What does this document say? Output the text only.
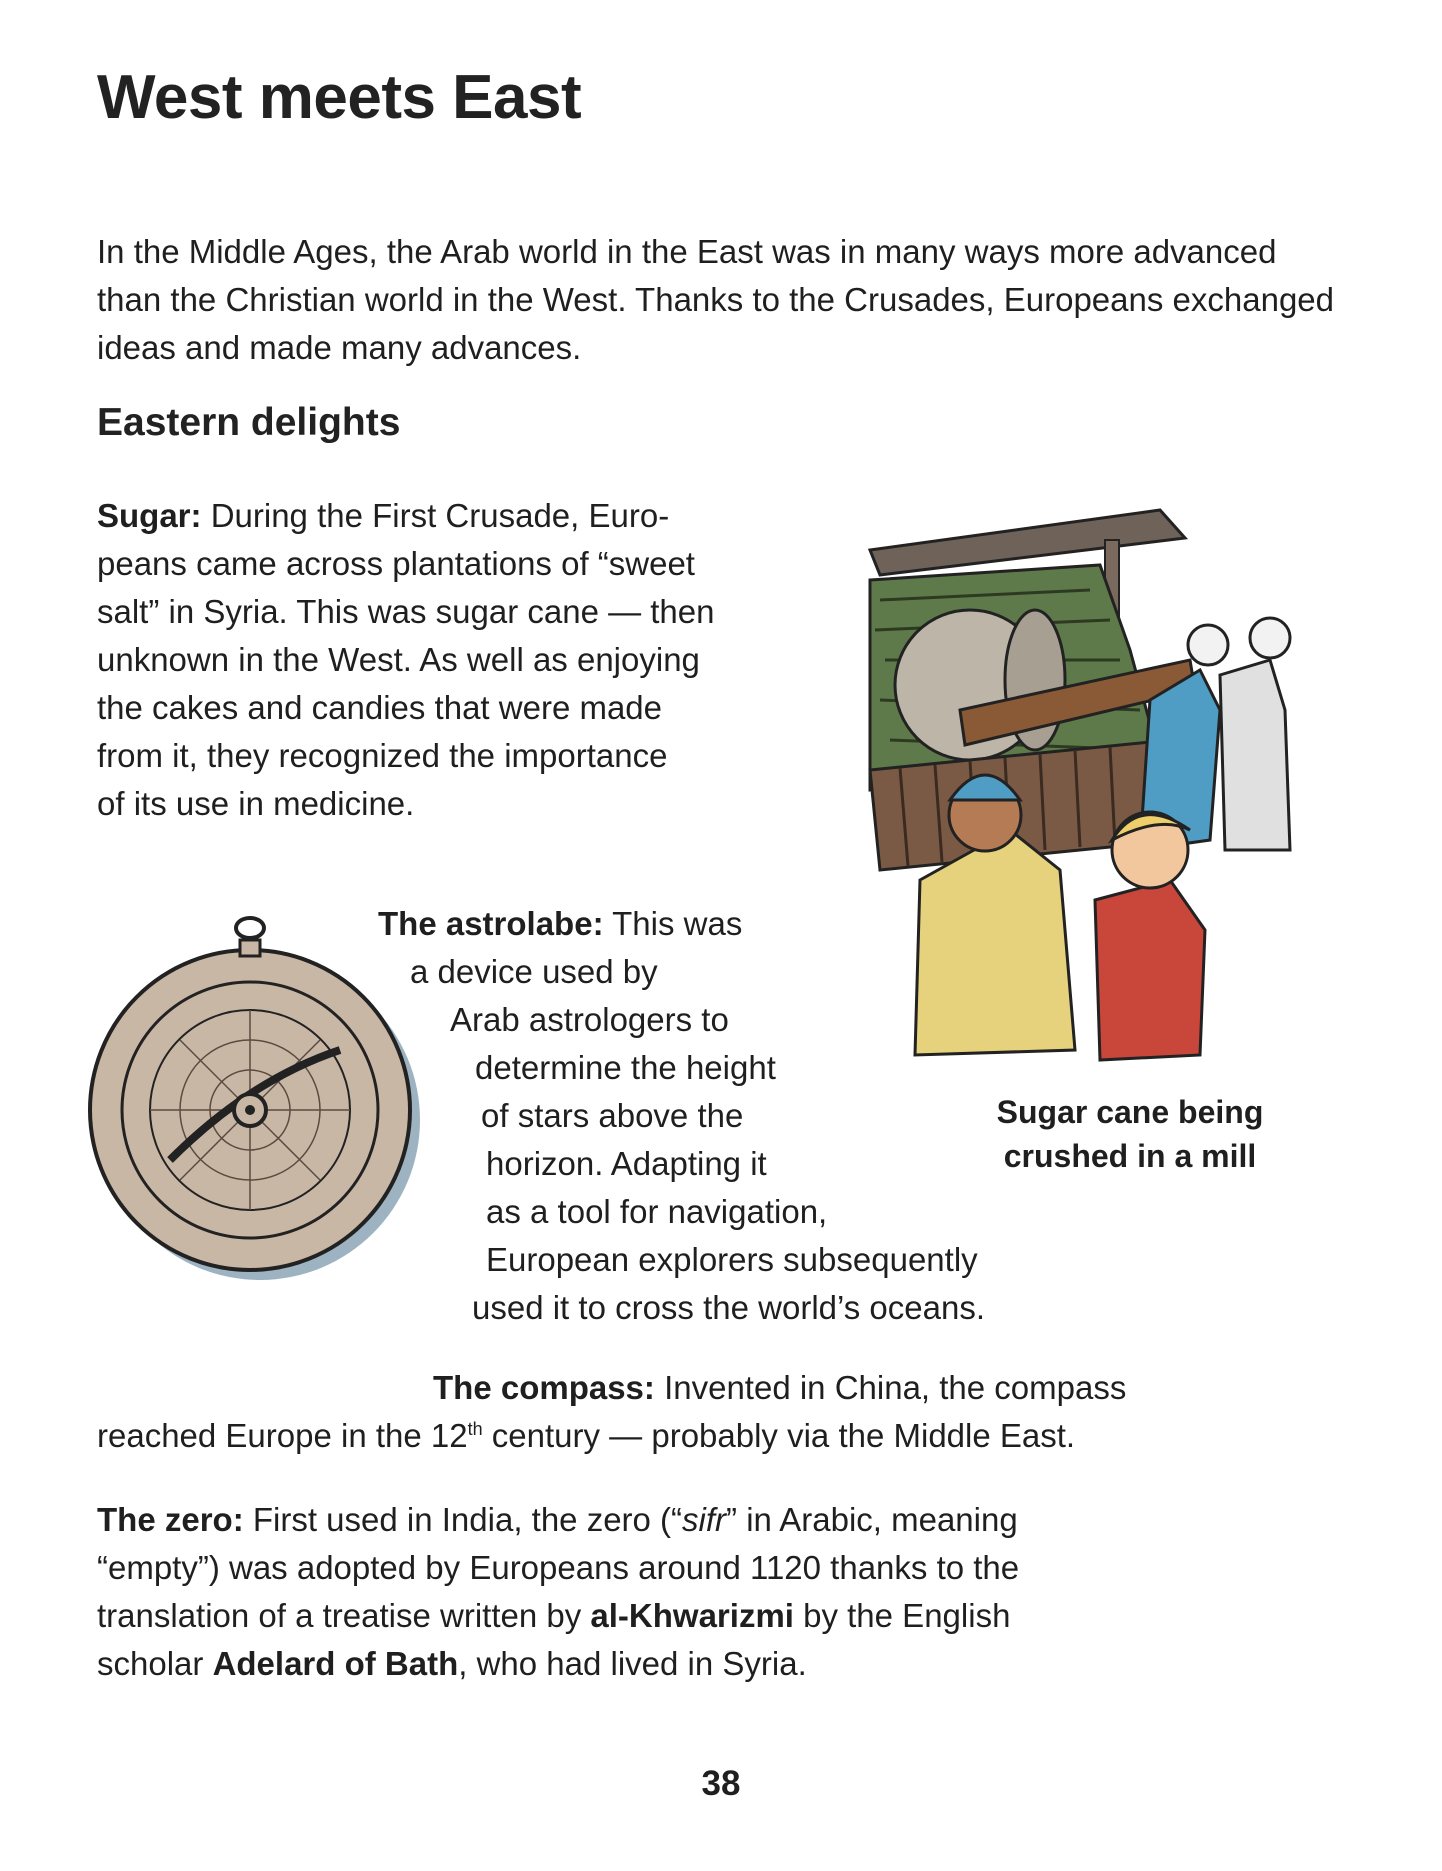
West meets East

In the Middle Ages, the Arab world in the East was in many ways more advanced than the Christian world in the West. Thanks to the Crusades, Europeans exchanged ideas and made many advances.

Eastern delights
Sugar: During the First Crusade, Euro-
peans came across plantations of “sweet
salt” in Syria. This was sugar cane — then
unknown in the West. As well as enjoying
the cakes and candies that were made
from it, they recognized the importance
of its use in medicine.
The astrolabe: This was
a device used by
Arab astrologers to
determine the height
of stars above the
horizon. Adapting it
as a tool for navigation,
European explorers subsequently
used it to cross the world’s oceans.
Sugar cane being
crushed in a mill
The compass: Invented in China, the compass
reached Europe in the 12th century — probably via the Middle East.
The zero: First used in India, the zero (“sifr” in Arabic, meaning
“empty”) was adopted by Europeans around 1120 thanks to the
translation of a treatise written by al-Khwarizmi by the English
scholar Adelard of Bath, who had lived in Syria.
38
